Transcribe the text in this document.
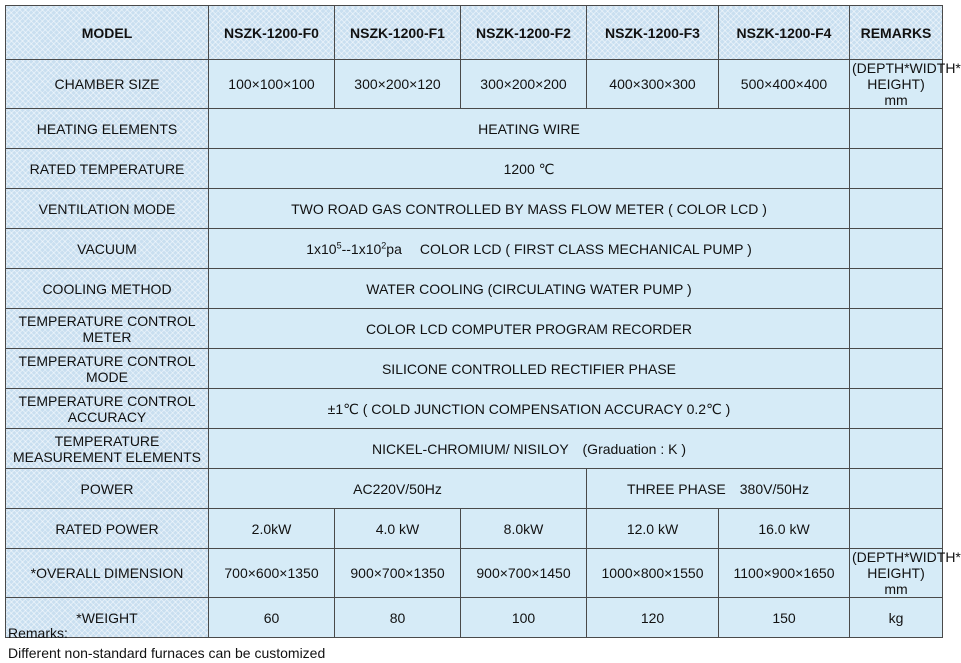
MODEL	NSZK-1200-F0	NSZK-1200-F1	NSZK-1200-F2	NSZK-1200-F3	NSZK-1200-F4	REMARKS
CHAMBER SIZE	100×100×100	300×200×120	300×200×200	400×300×300	500×400×400	(DEPTH*WIDTH*
HEIGHT)　mm

HEATING ELEMENTS	HEATING WIRE					
RATED TEMPERATURE	1200 ℃					
VENTILATION MODE	TWO ROAD GAS CONTROLLED BY MASS FLOW METER ( COLOR LCD )					
VACUUM	$1x10^5--1x10^2pa$ COLOR LCD ( FIRST CLASS MECHANICAL PUMP )					
COOLING METHOD	WATER COOLING (CIRCULATING WATER PUMP )					

TEMPERATURE CONTROL
METER	COLOR LCD COMPUTER PROGRAM RECORDER					

TEMPERATURE CONTROL
MODE	SILICONE CONTROLLED RECTIFIER PHASE					

TEMPERATURE CONTROL
ACCURACY	±1℃ ( COLD JUNCTION COMPENSATION ACCURACY 0.2℃ )					

TEMPERATURE
MEASUREMENT ELEMENTS	NICKEL-CHROMIUM/ NISILOY　(Graduation : K )					
POWER	AC220V/50Hz			THREE PHASE　380V/50Hz		
RATED POWER	2.0kW	4.0 kW	8.0kW	12.0 kW	16.0 kW	
*OVERALL DIMENSION	700×600×1350	900×700×1350	900×700×1450	1000×800×1550	1100×900×1650	(DEPTH*WIDTH*
HEIGHT)　mm

*WEIGHT	60	80	100	120	150	kg
Remarks:
Different non-standard furnaces can be customized
